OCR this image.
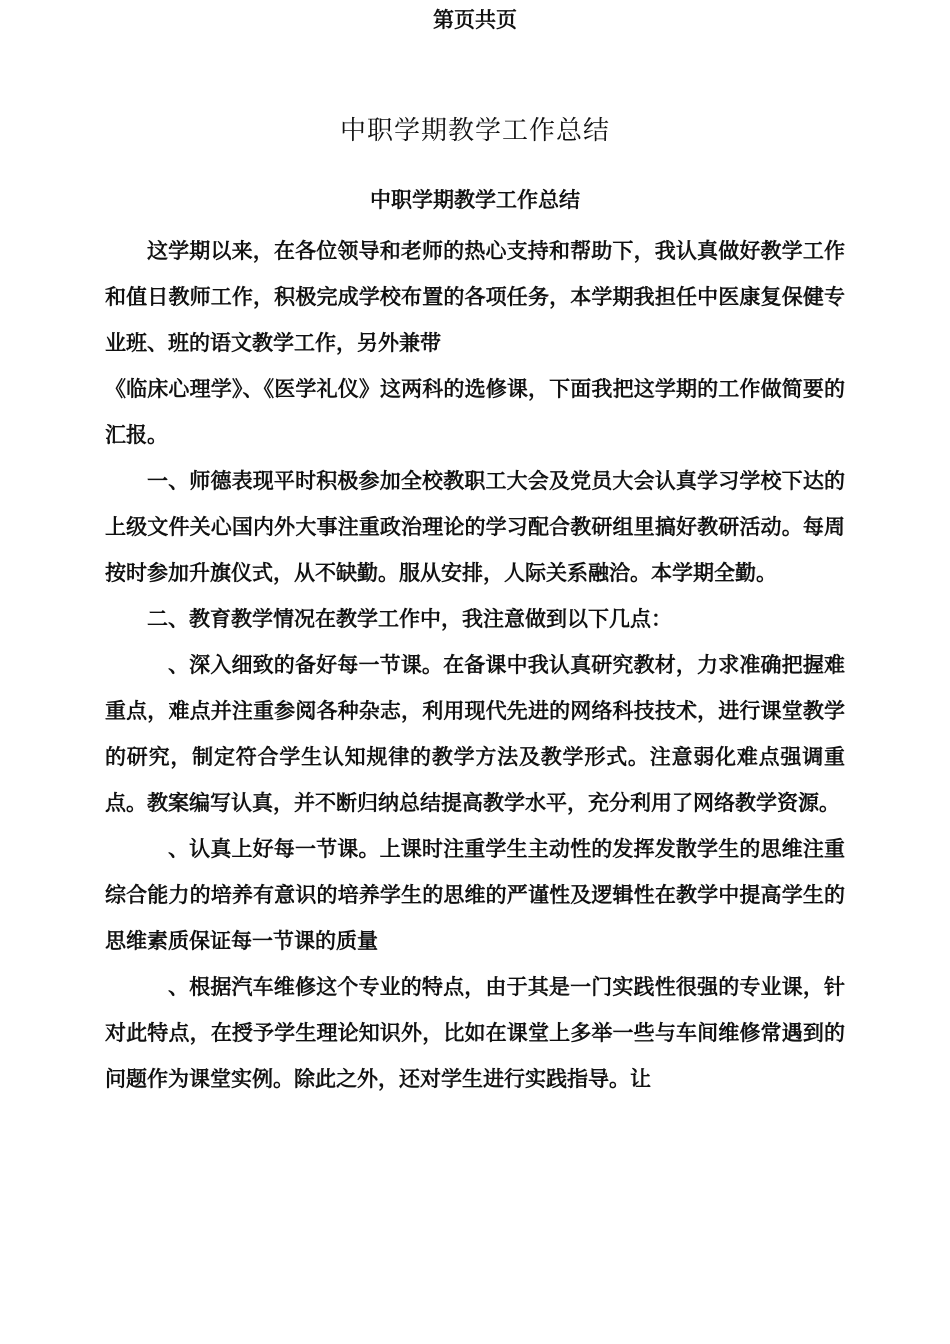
第页共页
中职学期教学工作总结
中职学期教学工作总结

这学期以来，在各位领导和老师的热心支持和帮助下，我认真做好教学工作和值日教师工作，积极完成学校布置的各项任务，本学期我担任中医康复保健专业班、班的语文教学工作，另外兼带

《临床心理学》、《医学礼仪》这两科的选修课，下面我把这学期的工作做简要的汇报。

一、师德表现平时积极参加全校教职工大会及党员大会认真学习学校下达的上级文件关心国内外大事注重政治理论的学习配合教研组里搞好教研活动。每周按时参加升旗仪式，从不缺勤。服从安排，人际关系融洽。本学期全勤。

二、教育教学情况在教学工作中，我注意做到以下几点：

、深入细致的备好每一节课。在备课中我认真研究教材，力求准确把握难重点，难点并注重参阅各种杂志，利用现代先进的网络科技技术，进行课堂教学的研究，制定符合学生认知规律的教学方法及教学形式。注意弱化难点强调重点。教案编写认真，并不断归纳总结提高教学水平，充分利用了网络教学资源。

、认真上好每一节课。上课时注重学生主动性的发挥发散学生的思维注重综合能力的培养有意识的培养学生的思维的严谨性及逻辑性在教学中提高学生的思维素质保证每一节课的质量

、根据汽车维修这个专业的特点，由于其是一门实践性很强的专业课，针对此特点，在授予学生理论知识外，比如在课堂上多举一些与车间维修常遇到的问题作为课堂实例。除此之外，还对学生进行实践指导。让
